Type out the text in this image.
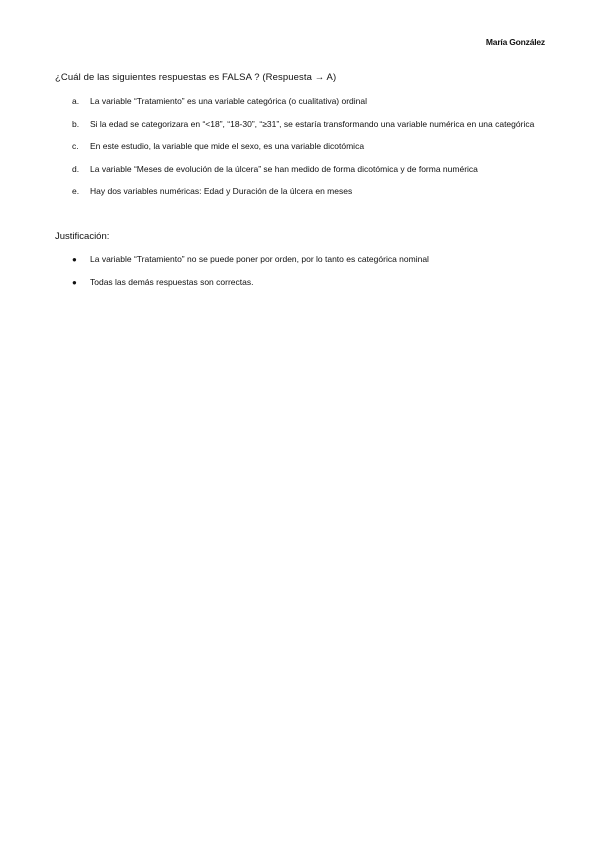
María González
¿Cuál de las siguientes respuestas es FALSA ? (Respuesta → A)
a.	La variable “Tratamiento” es una variable categórica (o cualitativa) ordinal
b.	Si la edad se categorizara en “<18”, “18-30”, “≥31”, se estaría transformando una variable numérica en una categórica
c.	En este estudio, la variable que mide el sexo, es una variable dicotómica
d.	La variable “Meses de evolución de la úlcera” se han medido de forma dicotómica y de forma numérica
e.	Hay dos variables numéricas: Edad y Duración de la úlcera en meses
Justificación:
●	La variable “Tratamiento” no se puede poner por orden, por lo tanto es categórica nominal
●	Todas las demás respuestas son correctas.
